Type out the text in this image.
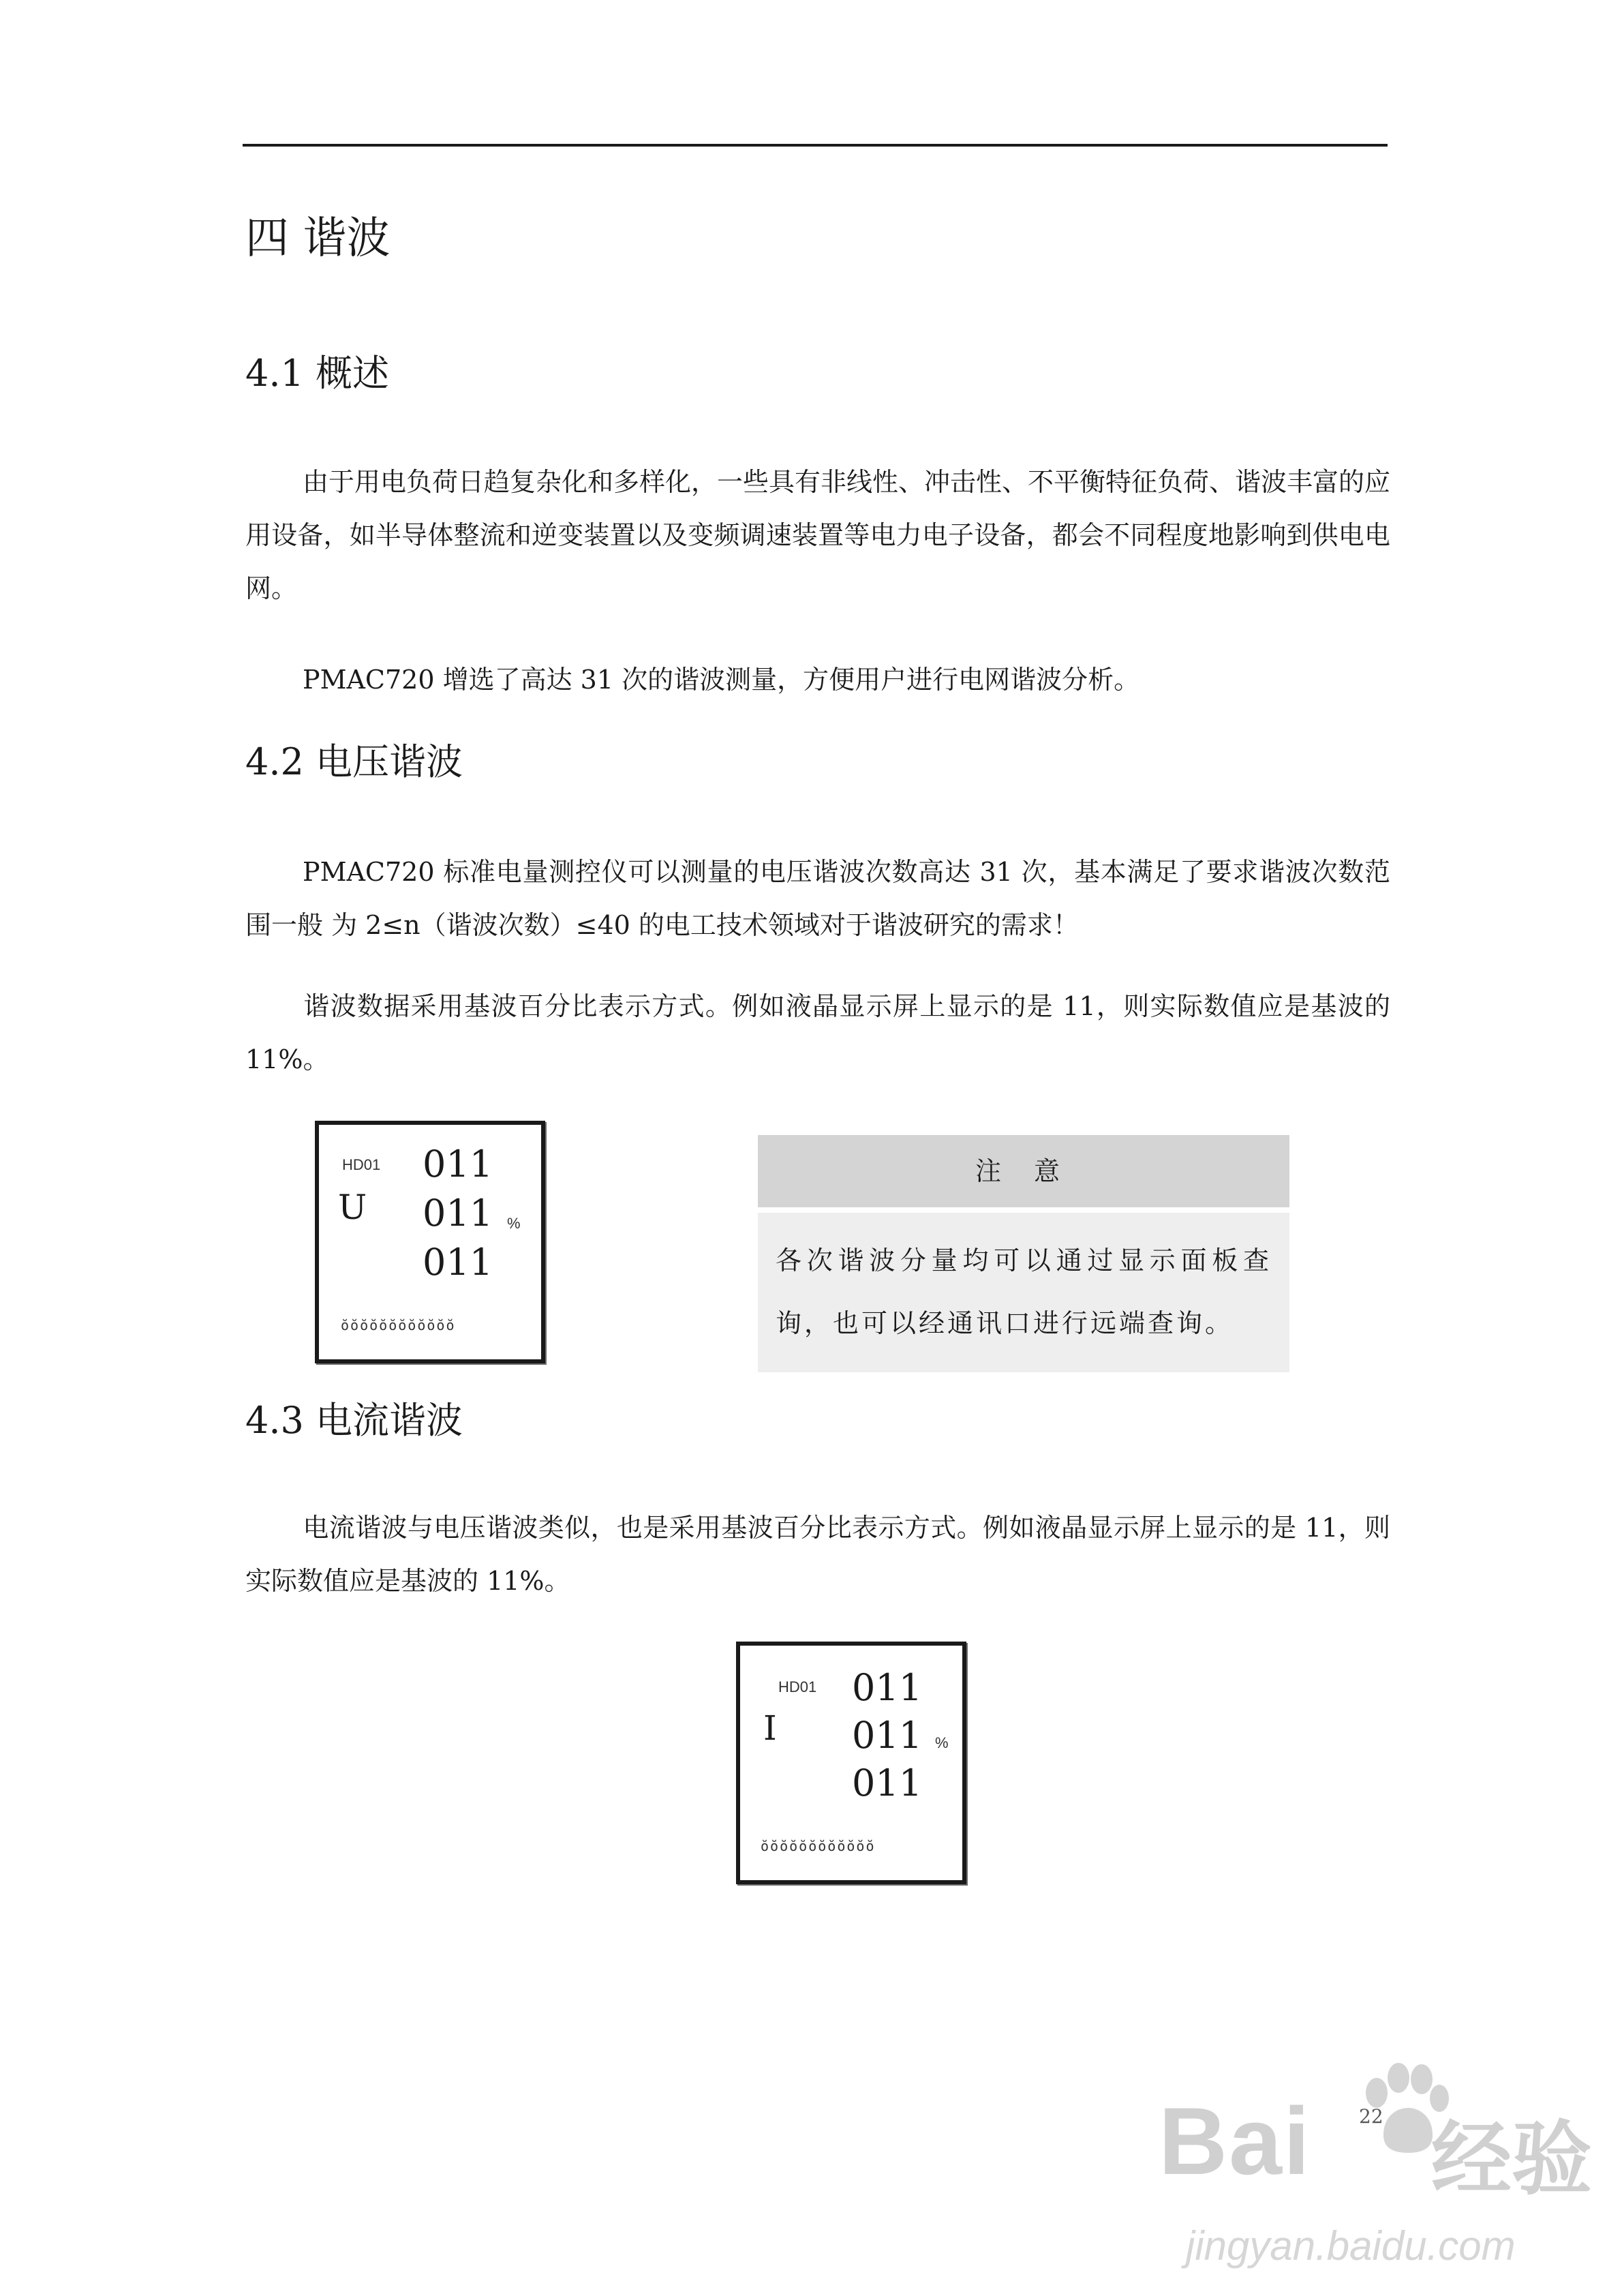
四 谐波
4.1 概述

由于用电负荷日趋复杂化和多样化，一些具有非线性、冲击性、不平衡特征负荷、谐波丰富的应用设备，如半导体整流和逆变装置以及变频调速装置等电力电子设备，都会不同程度地影响到供电电网。

PMAC720 增选了高达 31 次的谐波测量，方便用户进行电网谐波分析。

4.2 电压谐波

PMAC720 标准电量测控仪可以测量的电压谐波次数高达 31 次，基本满足了要求谐波次数范围一般 为 2≤n（谐波次数）≤40 的电工技术领域对于谐波研究的需求！

谐波数据采用基波百分比表示方式。例如液晶显示屏上显示的是 11，则实际数值应是基波的 11%。

HD01
U
011
011
011
%
ŏŏŏŏŏŏŏŏŏŏŏŏ
注 意
各次谐波分量均可以通过显示面板查询，也可以经通讯口进行远端查询。
4.3 电流谐波

电流谐波与电压谐波类似，也是采用基波百分比表示方式。例如液晶显示屏上显示的是 11，则实际数值应是基波的 11%。

HD01
I
011
011
011
%
ŏŏŏŏŏŏŏŏŏŏŏŏ
Bai 经验
jingyan.baidu.com
22
